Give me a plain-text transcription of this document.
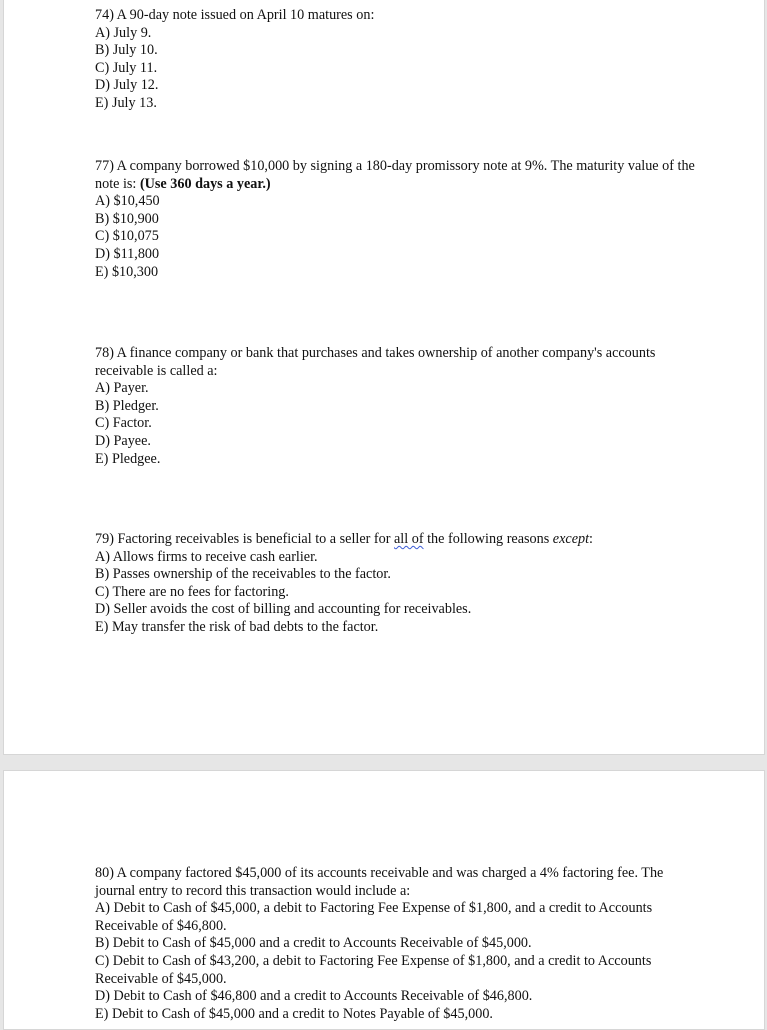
74) A 90-day note issued on April 10 matures on:

A) July 9.

B) July 10.

C) July 11.

D) July 12.

E) July 13.

77) A company borrowed $10,000 by signing a 180-day promissory note at 9%. The maturity value of the note is: (Use 360 days a year.)

A) $10,450

B) $10,900

C) $10,075

D) $11,800

E) $10,300

78) A finance company or bank that purchases and takes ownership of another company's accounts receivable is called a:

A) Payer.

B) Pledger.

C) Factor.

D) Payee.

E) Pledgee.

79) Factoring receivables is beneficial to a seller for all of the following reasons except:

A) Allows firms to receive cash earlier.

B) Passes ownership of the receivables to the factor.

C) There are no fees for factoring.

D) Seller avoids the cost of billing and accounting for receivables.

E) May transfer the risk of bad debts to the factor.

80) A company factored $45,000 of its accounts receivable and was charged a 4% factoring fee. The journal entry to record this transaction would include a:

A) Debit to Cash of $45,000, a debit to Factoring Fee Expense of $1,800, and a credit to Accounts Receivable of $46,800.

B) Debit to Cash of $45,000 and a credit to Accounts Receivable of $45,000.

C) Debit to Cash of $43,200, a debit to Factoring Fee Expense of $1,800, and a credit to Accounts Receivable of $45,000.

D) Debit to Cash of $46,800 and a credit to Accounts Receivable of $46,800.

E) Debit to Cash of $45,000 and a credit to Notes Payable of $45,000.
